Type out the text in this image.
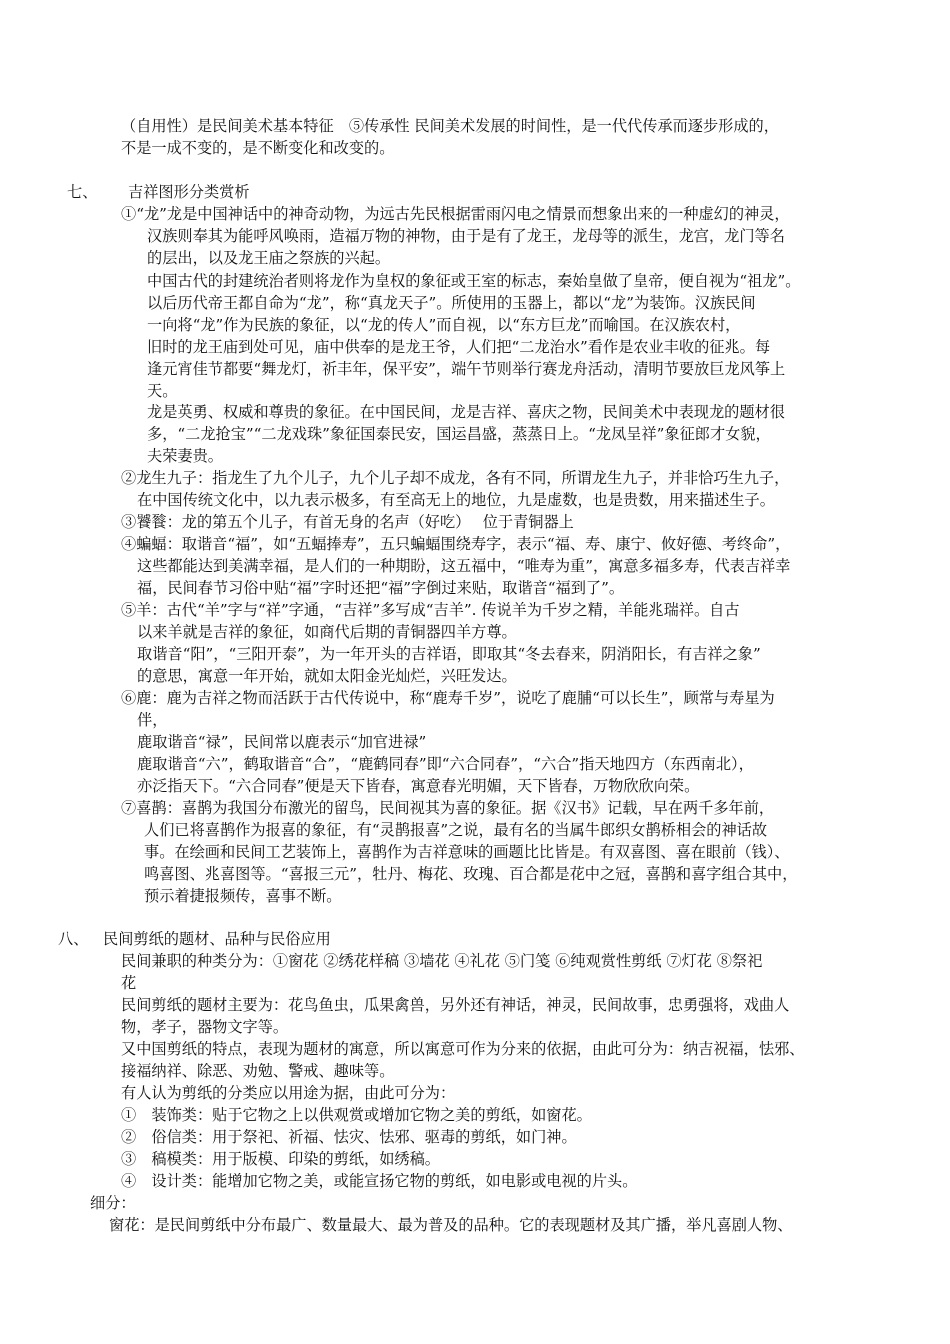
（自用性）是民间美术基本特征　⑤传承性 民间美术发展的时间性，是一代代传承而逐步形成的，

不是一成不变的，是不断变化和改变的。

七、 吉祥图形分类赏析

①“龙”龙是中国神话中的神奇动物，为远古先民根据雷雨闪电之情景而想象出来的一种虚幻的神灵，

汉族则奉其为能呼风唤雨，造福万物的神物，由于是有了龙王，龙母等的派生，龙宫，龙门等名

的层出，以及龙王庙之祭族的兴起。

中国古代的封建统治者则将龙作为皇权的象征或王室的标志，秦始皇做了皇帝，便自视为“祖龙”。

以后历代帝王都自命为“龙”，称“真龙天子”。所使用的玉器上，都以“龙”为装饰。汉族民间

一向将“龙”作为民族的象征，以“龙的传人”而自视，以“东方巨龙”而喻国。在汉族农村，

旧时的龙王庙到处可见，庙中供奉的是龙王爷，人们把“二龙治水”看作是农业丰收的征兆。每

逢元宵佳节都要“舞龙灯，祈丰年，保平安”，端午节则举行赛龙舟活动，清明节要放巨龙风筝上

天。

龙是英勇、权威和尊贵的象征。在中国民间，龙是吉祥、喜庆之物，民间美术中表现龙的题材很

多，“二龙抢宝”“二龙戏珠”象征国泰民安，国运昌盛，蒸蒸日上。“龙凤呈祥”象征郎才女貌，

夫荣妻贵。

②龙生九子：指龙生了九个儿子，九个儿子却不成龙，各有不同，所谓龙生九子，并非恰巧生九子，

在中国传统文化中，以九表示极多，有至高无上的地位，九是虚数，也是贵数，用来描述生子。

③饕餮：龙的第五个儿子，有首无身的名声（好吃）　 位于青铜器上

④蝙蝠：取谐音“福”，如“五蝠捧寿”，五只蝙蝠围绕寿字，表示“福、寿、康宁、攸好德、考终命”，

这些都能达到美满幸福，是人们的一种期盼，这五福中，“唯寿为重”，寓意多福多寿，代表吉祥幸

福，民间春节习俗中贴“福”字时还把“福”字倒过来贴，取谐音“福到了”。

⑤羊：古代“羊”字与“祥”字通，“吉祥”多写成“吉羊”. 传说羊为千岁之精，羊能兆瑞祥。自古

以来羊就是吉祥的象征，如商代后期的青铜器四羊方尊。

取谐音“阳”，“三阳开泰”，为一年开头的吉祥语，即取其“冬去春来，阴消阳长，有吉祥之象”

的意思，寓意一年开始，就如太阳金光灿烂，兴旺发达。

⑥鹿：鹿为吉祥之物而活跃于古代传说中，称“鹿寿千岁”，说吃了鹿脯“可以长生”，顾常与寿星为

伴，

鹿取谐音“禄”，民间常以鹿表示“加官进禄”

鹿取谐音“六”，鹤取谐音“合”，“鹿鹤同春”即“六合同春”，“六合”指天地四方（东西南北），

亦泛指天下。“六合同春”便是天下皆春，寓意春光明媚，天下皆春，万物欣欣向荣。

⑦喜鹊：喜鹊为我国分布激光的留鸟，民间视其为喜的象征。据《汉书》记载，早在两千多年前，

人们已将喜鹊作为报喜的象征，有“灵鹊报喜”之说，最有名的当属牛郎织女鹊桥相会的神话故

事。在绘画和民间工艺装饰上，喜鹊作为吉祥意味的画题比比皆是。有双喜图、喜在眼前（钱）、

鸣喜图、兆喜图等。“喜报三元”，牡丹、梅花、玫瑰、百合都是花中之冠，喜鹊和喜字组合其中，

预示着捷报频传，喜事不断。

八、 民间剪纸的题材、品种与民俗应用

民间兼职的种类分为：①窗花 ②绣花样稿 ③墙花 ④礼花 ⑤门笺 ⑥纯观赏性剪纸 ⑦灯花 ⑧祭祀

花

民间剪纸的题材主要为：花鸟鱼虫，瓜果禽兽，另外还有神话，神灵，民间故事，忠勇强将，戏曲人

物，孝子，器物文字等。

又中国剪纸的特点，表现为题材的寓意，所以寓意可作为分来的依据，由此可分为：纳吉祝福，怯邪、

接福纳祥、除恶、劝勉、警戒、趣味等。

有人认为剪纸的分类应以用途为据，由此可分为：

①　装饰类：贴于它物之上以供观赏或增加它物之美的剪纸，如窗花。

②　俗信类：用于祭祀、祈福、怯灾、怯邪、驱毒的剪纸，如门神。

③　稿模类：用于版模、印染的剪纸，如绣稿。

④　设计类：能增加它物之美，或能宣扬它物的剪纸，如电影或电视的片头。

细分：

窗花：是民间剪纸中分布最广、数量最大、最为普及的品种。它的表现题材及其广播，举凡喜剧人物、
